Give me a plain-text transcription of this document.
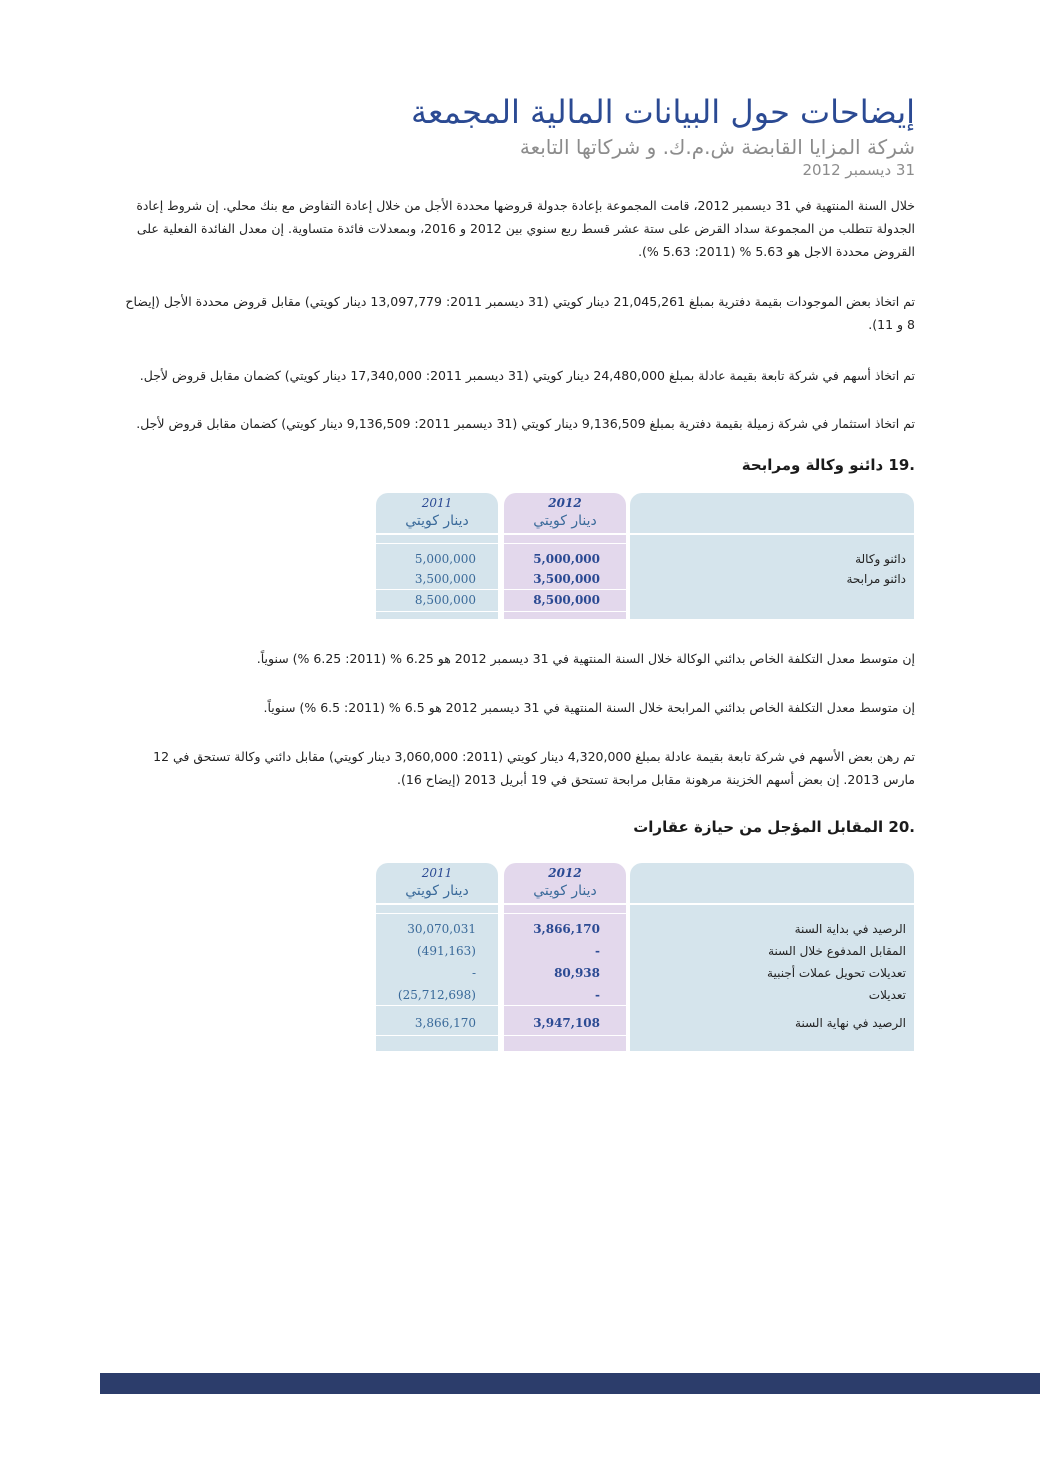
إيضاحات حول البيانات المالية المجمعة
شركة المزايا القابضة ش.م.ك. و شركاتها التابعة
31 ديسمبر 2012
خلال السنة المنتهية في 31 ديسمبر 2012، قامت المجموعة بإعادة جدولة قروضها محددة الأجل من خلال إعادة التفاوض مع بنك محلي. إن شروط إعادة الجدولة تتطلب من المجموعة سداد القرض على ستة عشر قسط ربع سنوي بين 2012 و 2016، وبمعدلات فائدة متساوية. إن معدل الفائدة الفعلية على القروض محددة الاجل هو 5.63 % (2011: 5.63 %).
تم اتخاذ بعض الموجودات بقيمة دفترية بمبلغ 21,045,261 دينار كويتي (31 ديسمبر 2011: 13,097,779 دينار كويتي) مقابل قروض محددة الأجل (إيضاح 8 و 11).
تم اتخاذ أسهم في شركة تابعة بقيمة عادلة بمبلغ 24,480,000 دينار كويتي (31 ديسمبر 2011: 17,340,000 دينار كويتي) كضمان مقابل قروض لأجل.
تم اتخاذ استثمار في شركة زميلة بقيمة دفترية بمبلغ 9,136,509 دينار كويتي (31 ديسمبر 2011: 9,136,509 دينار كويتي) كضمان مقابل قروض لأجل.
.19 دائنو وكالة ومرابحة
2011
دينار كويتي
2012
دينار كويتي
5,000,000	5,000,000	دائنو وكالة
3,500,000	3,500,000	دائنو مرابحة
8,500,000	8,500,000
إن متوسط معدل التكلفة الخاص بدائني الوكالة خلال السنة المنتهية في 31 ديسمبر 2012 هو 6.25 % (2011: 6.25 %) سنوياً.
إن متوسط معدل التكلفة الخاص بدائني المرابحة خلال السنة المنتهية في 31 ديسمبر 2012 هو 6.5 % (2011: 6.5 %) سنوياً.
تم رهن بعض الأسهم في شركة تابعة بقيمة عادلة بمبلغ 4,320,000 دينار كويتي (2011: 3,060,000 دينار كويتي) مقابل دائني وكالة تستحق في 12 مارس 2013. إن بعض أسهم الخزينة مرهونة مقابل مرابحة تستحق في 19 أبريل 2013 (إيضاح 16).
.20 المقابل المؤجل من حيازة عقارات
2011
دينار كويتي
2012
دينار كويتي
30,070,031	3,866,170	الرصيد في بداية السنة
(491,163)	-	المقابل المدفوع خلال السنة
-	80,938	تعديلات تحويل عملات أجنبية
(25,712,698)	-	تعديلات
3,866,170	3,947,108	الرصيد في نهاية السنة
